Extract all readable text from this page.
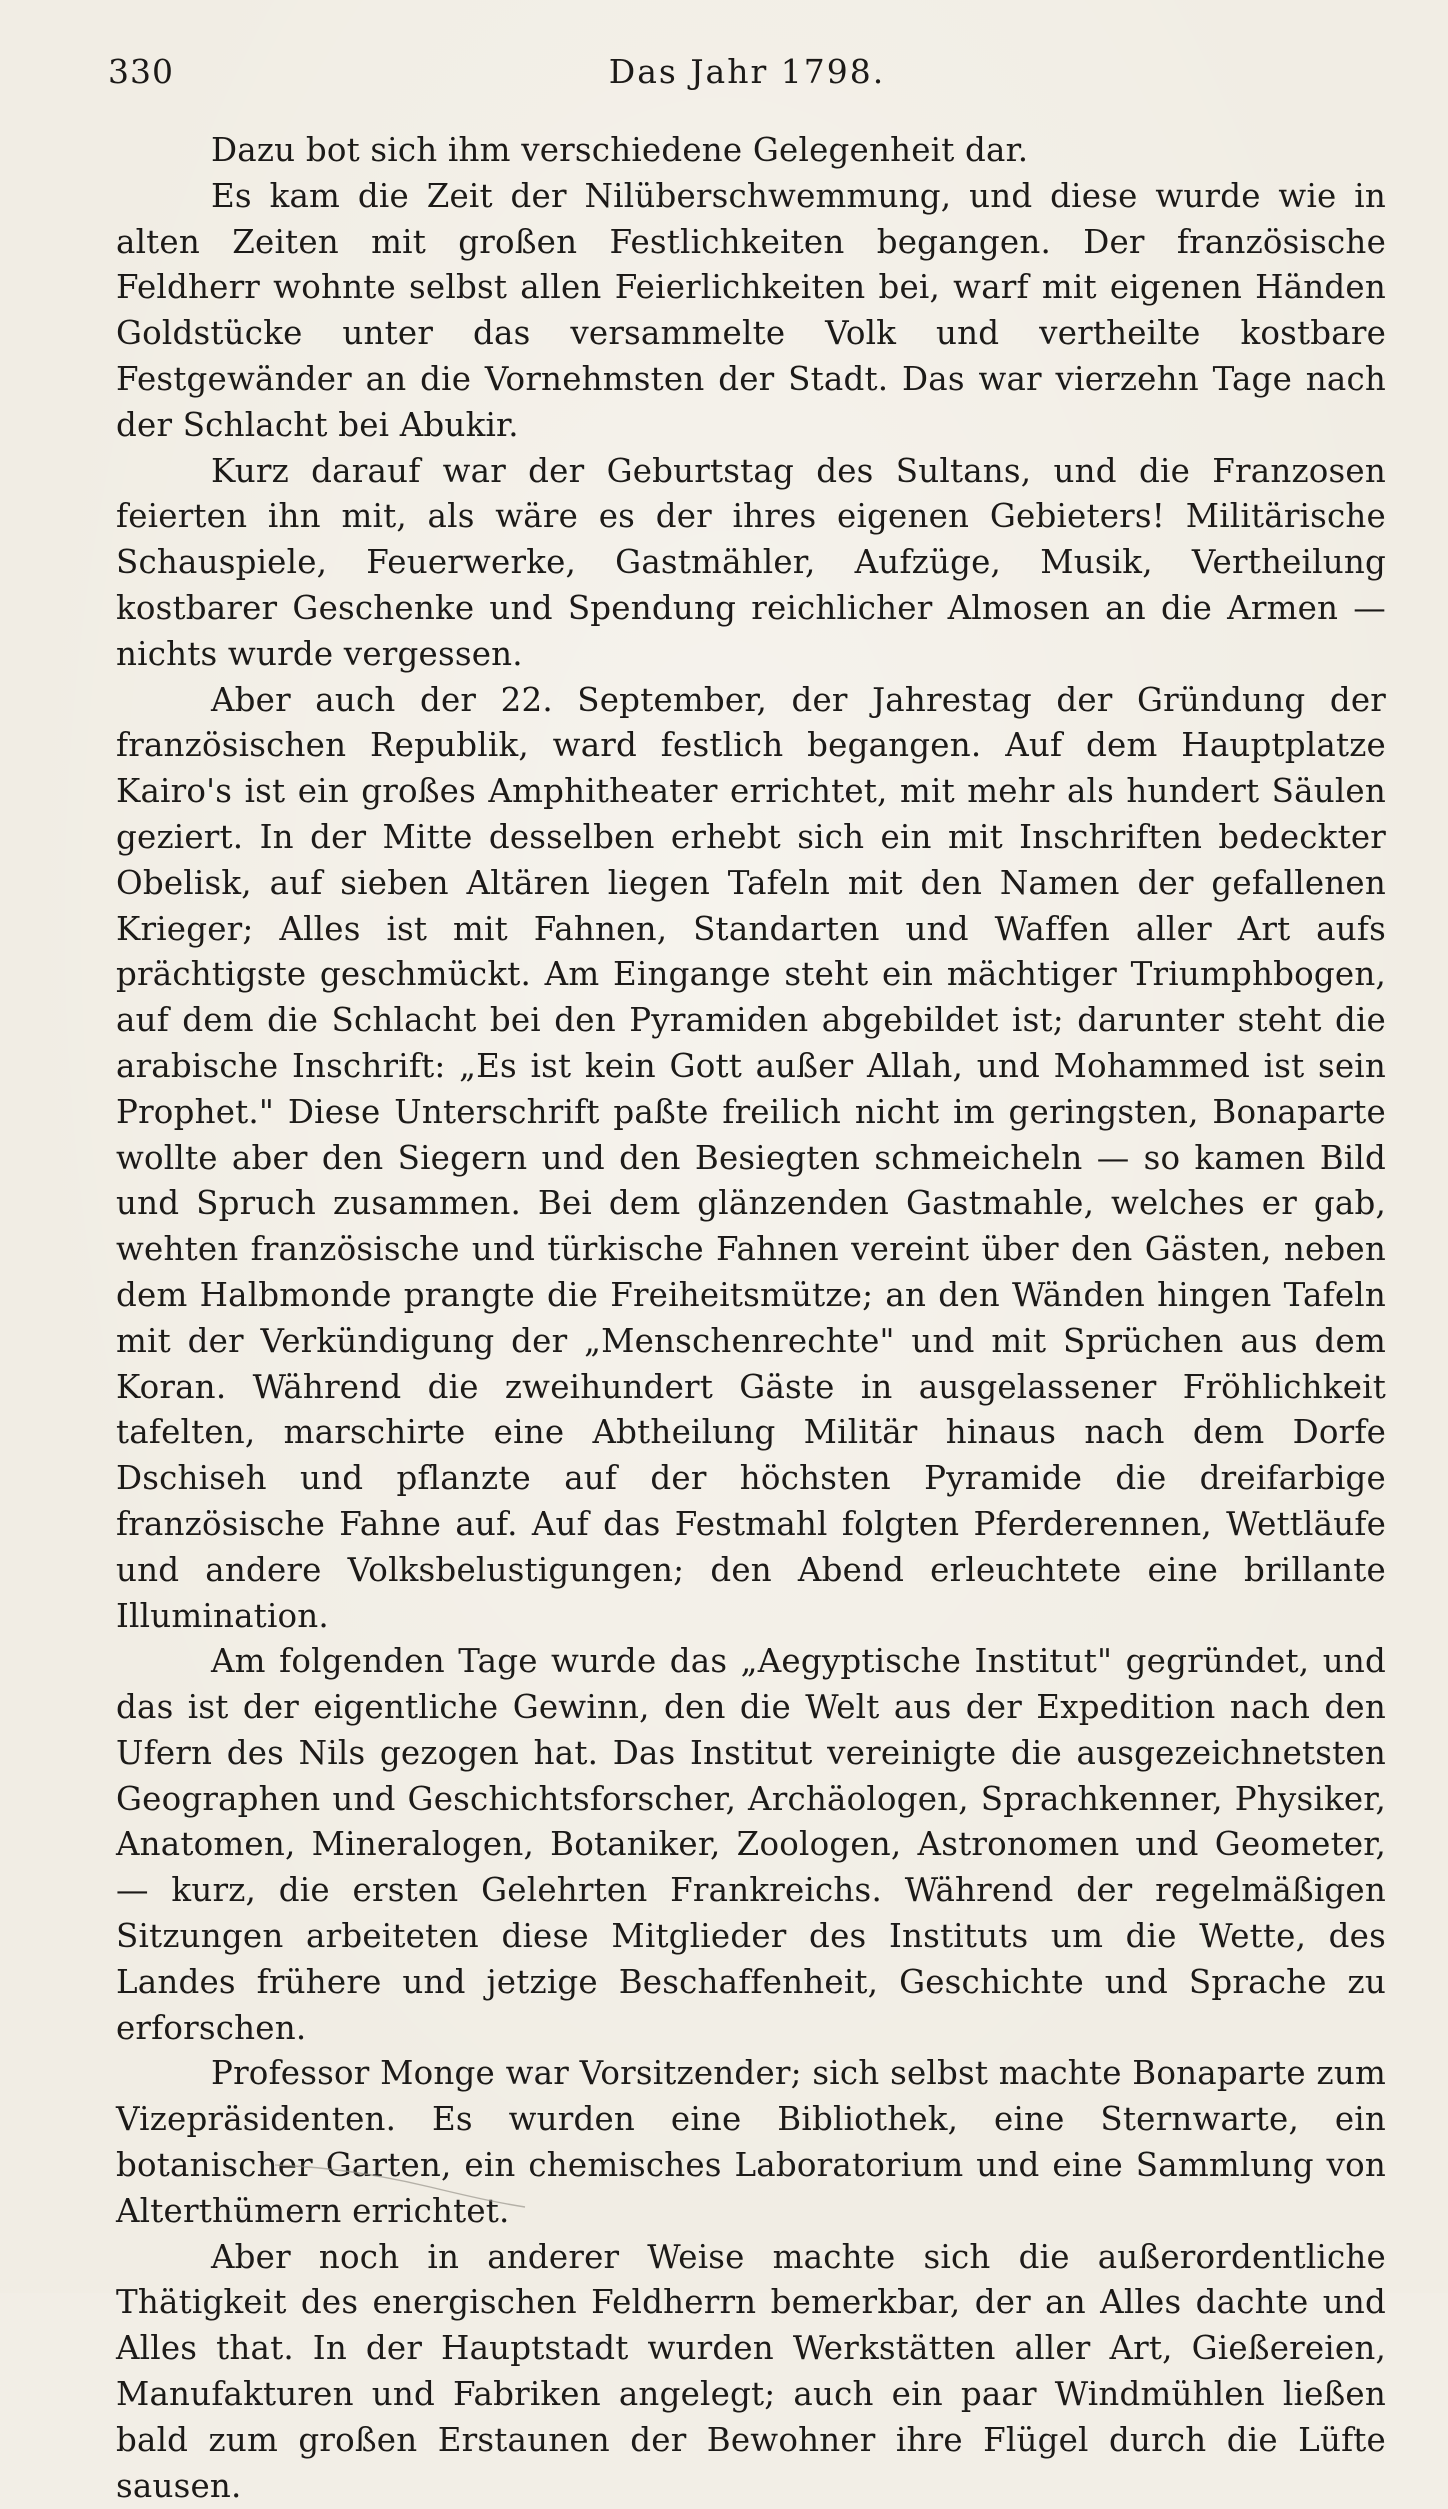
330	Das Jahr 1798.

Dazu bot sich ihm verschiedene Gelegenheit dar.

Es kam die Zeit der Nilüberschwemmung, und diese wurde wie in alten Zeiten mit großen Festlichkeiten begangen. Der französische Feldherr wohnte selbst allen Feierlichkeiten bei, warf mit eigenen Händen Goldstücke unter das versammelte Volk und vertheilte kostbare Festgewänder an die Vornehmsten der Stadt. Das war vierzehn Tage nach der Schlacht bei Abukir.

Kurz darauf war der Geburtstag des Sultans, und die Franzosen feierten ihn mit, als wäre es der ihres eigenen Gebieters! Militärische Schauspiele, Feuerwerke, Gastmähler, Aufzüge, Musik, Vertheilung kostbarer Geschenke und Spendung reichlicher Almosen an die Armen — nichts wurde vergessen.

Aber auch der 22. September, der Jahrestag der Gründung der französischen Republik, ward festlich begangen. Auf dem Hauptplatze Kairo's ist ein großes Amphitheater errichtet, mit mehr als hundert Säulen geziert. In der Mitte desselben erhebt sich ein mit Inschriften bedeckter Obelisk, auf sieben Altären liegen Tafeln mit den Namen der gefallenen Krieger; Alles ist mit Fahnen, Standarten und Waffen aller Art aufs prächtigste geschmückt. Am Eingange steht ein mächtiger Triumphbogen, auf dem die Schlacht bei den Pyramiden abgebildet ist; darunter steht die arabische Inschrift: „Es ist kein Gott außer Allah, und Mohammed ist sein Prophet." Diese Unterschrift paßte freilich nicht im geringsten, Bonaparte wollte aber den Siegern und den Besiegten schmeicheln — so kamen Bild und Spruch zusammen. Bei dem glänzenden Gastmahle, welches er gab, wehten französische und türkische Fahnen vereint über den Gästen, neben dem Halbmonde prangte die Freiheitsmütze; an den Wänden hingen Tafeln mit der Verkündigung der „Menschenrechte" und mit Sprüchen aus dem Koran. Während die zweihundert Gäste in ausgelassener Fröhlichkeit tafelten, marschirte eine Abtheilung Militär hinaus nach dem Dorfe Dschiseh und pflanzte auf der höchsten Pyramide die dreifarbige französische Fahne auf. Auf das Festmahl folgten Pferderennen, Wettläufe und andere Volksbelustigungen; den Abend erleuchtete eine brillante Illumination.

Am folgenden Tage wurde das „Aegyptische Institut" gegründet, und das ist der eigentliche Gewinn, den die Welt aus der Expedition nach den Ufern des Nils gezogen hat. Das Institut vereinigte die ausgezeichnetsten Geographen und Geschichtsforscher, Archäologen, Sprachkenner, Physiker, Anatomen, Mineralogen, Botaniker, Zoologen, Astronomen und Geometer, — kurz, die ersten Gelehrten Frankreichs. Während der regelmäßigen Sitzungen arbeiteten diese Mitglieder des Instituts um die Wette, des Landes frühere und jetzige Beschaffenheit, Geschichte und Sprache zu erforschen.

Professor Monge war Vorsitzender; sich selbst machte Bonaparte zum Vizepräsidenten. Es wurden eine Bibliothek, eine Sternwarte, ein botanischer Garten, ein chemisches Laboratorium und eine Sammlung von Alterthümern errichtet.

Aber noch in anderer Weise machte sich die außerordentliche Thätigkeit des energischen Feldherrn bemerkbar, der an Alles dachte und Alles that. In der Hauptstadt wurden Werkstätten aller Art, Gießereien, Manufakturen und Fabriken angelegt; auch ein paar Windmühlen ließen bald zum großen Erstaunen der Bewohner ihre Flügel durch die Lüfte sausen.
